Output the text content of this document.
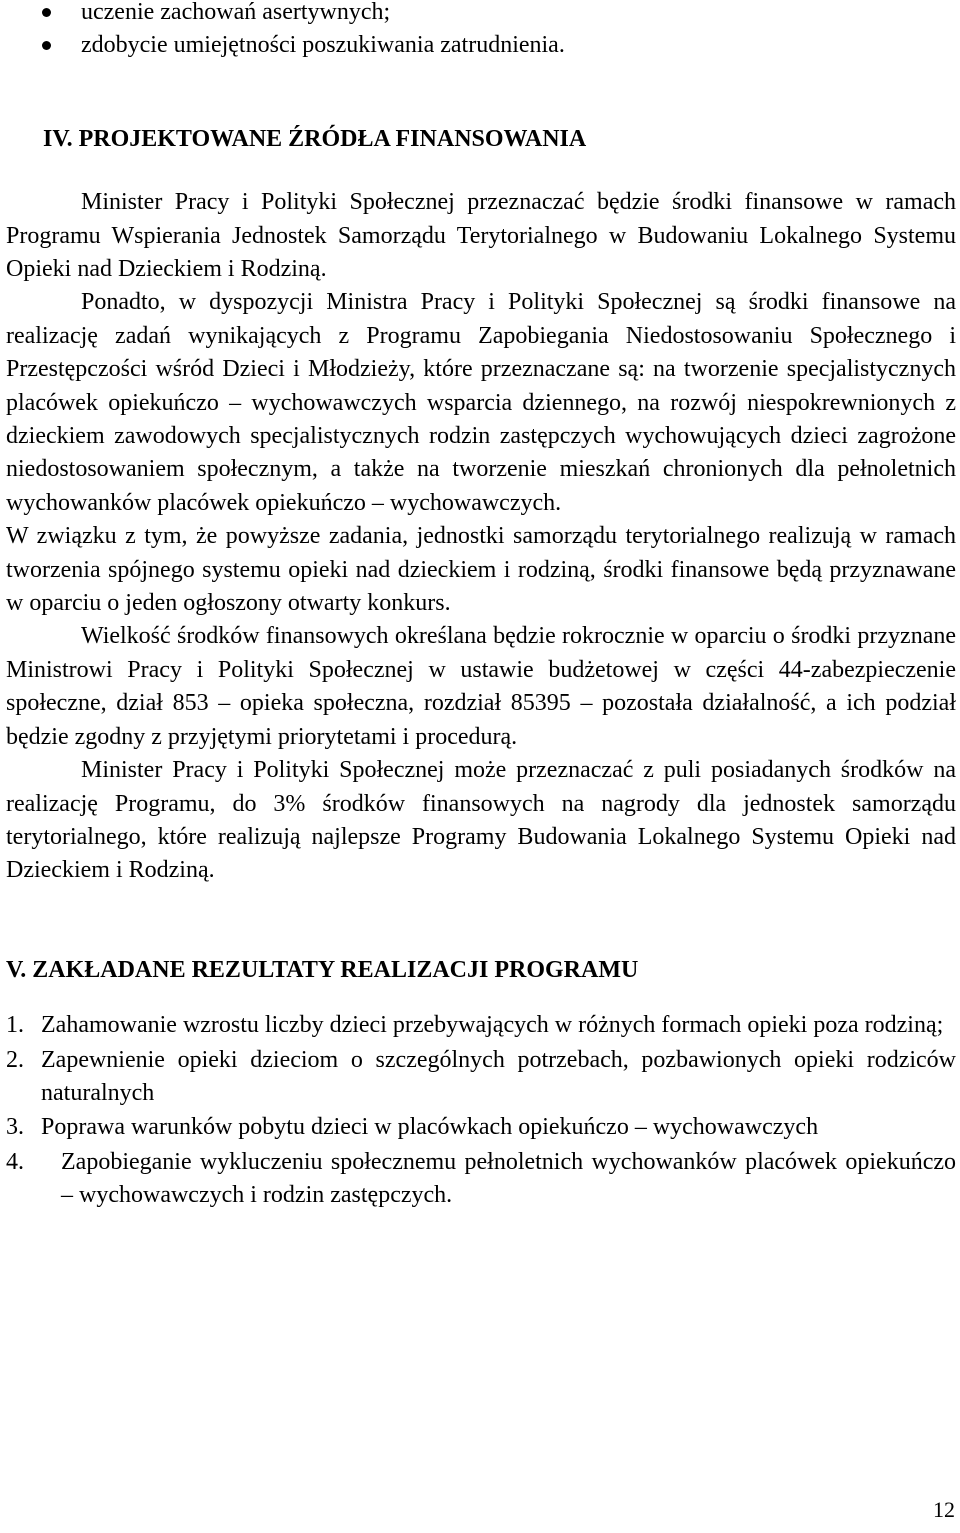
uczenie zachowań asertywnych;
zdobycie umiejętności poszukiwania zatrudnienia.
IV. PROJEKTOWANE ŹRÓDŁA FINANSOWANIA

Minister Pracy i Polityki Społecznej przeznaczać będzie środki finansowe w ramach Programu Wspierania Jednostek Samorządu Terytorialnego w Budowaniu Lokalnego Systemu Opieki nad Dzieckiem i Rodziną.

Ponadto, w dyspozycji Ministra Pracy i Polityki Społecznej są środki finansowe na realizację zadań wynikających z Programu Zapobiegania Niedostosowaniu Społecznego i Przestępczości wśród Dzieci i Młodzieży, które przeznaczane są: na tworzenie specjalistycznych placówek opiekuńczo – wychowawczych wsparcia dziennego, na rozwój niespokrewnionych z dzieckiem zawodowych specjalistycznych rodzin zastępczych wychowujących dzieci zagrożone niedostosowaniem społecznym, a także na tworzenie mieszkań chronionych dla pełnoletnich wychowanków placówek opiekuńczo – wychowawczych.

W związku z tym, że powyższe zadania, jednostki samorządu terytorialnego realizują w ramach tworzenia spójnego systemu opieki nad dzieckiem i rodziną, środki finansowe będą przyznawane w oparciu o jeden ogłoszony otwarty konkurs.

Wielkość środków finansowych określana będzie rokrocznie w oparciu o środki przyznane Ministrowi Pracy i Polityki Społecznej w ustawie budżetowej w części 44-zabezpieczenie społeczne, dział 853 – opieka społeczna, rozdział 85395 – pozostała działalność, a ich podział będzie zgodny z przyjętymi priorytetami i procedurą.

Minister Pracy i Polityki Społecznej może przeznaczać z puli posiadanych środków na realizację Programu, do 3% środków finansowych na nagrody dla jednostek samorządu terytorialnego, które realizują najlepsze Programy Budowania Lokalnego Systemu Opieki nad Dzieckiem i Rodziną.

V. ZAKŁADANE REZULTATY REALIZACJI PROGRAMU
1. Zahamowanie wzrostu liczby dzieci przebywających w różnych formach opieki poza rodziną;
2. Zapewnienie opieki dzieciom o szczególnych potrzebach, pozbawionych opieki rodziców naturalnych
3. Poprawa warunków pobytu dzieci w placówkach opiekuńczo – wychowawczych
4. Zapobieganie wykluczeniu społecznemu pełnoletnich wychowanków placówek opiekuńczo – wychowawczych i rodzin zastępczych.
12
